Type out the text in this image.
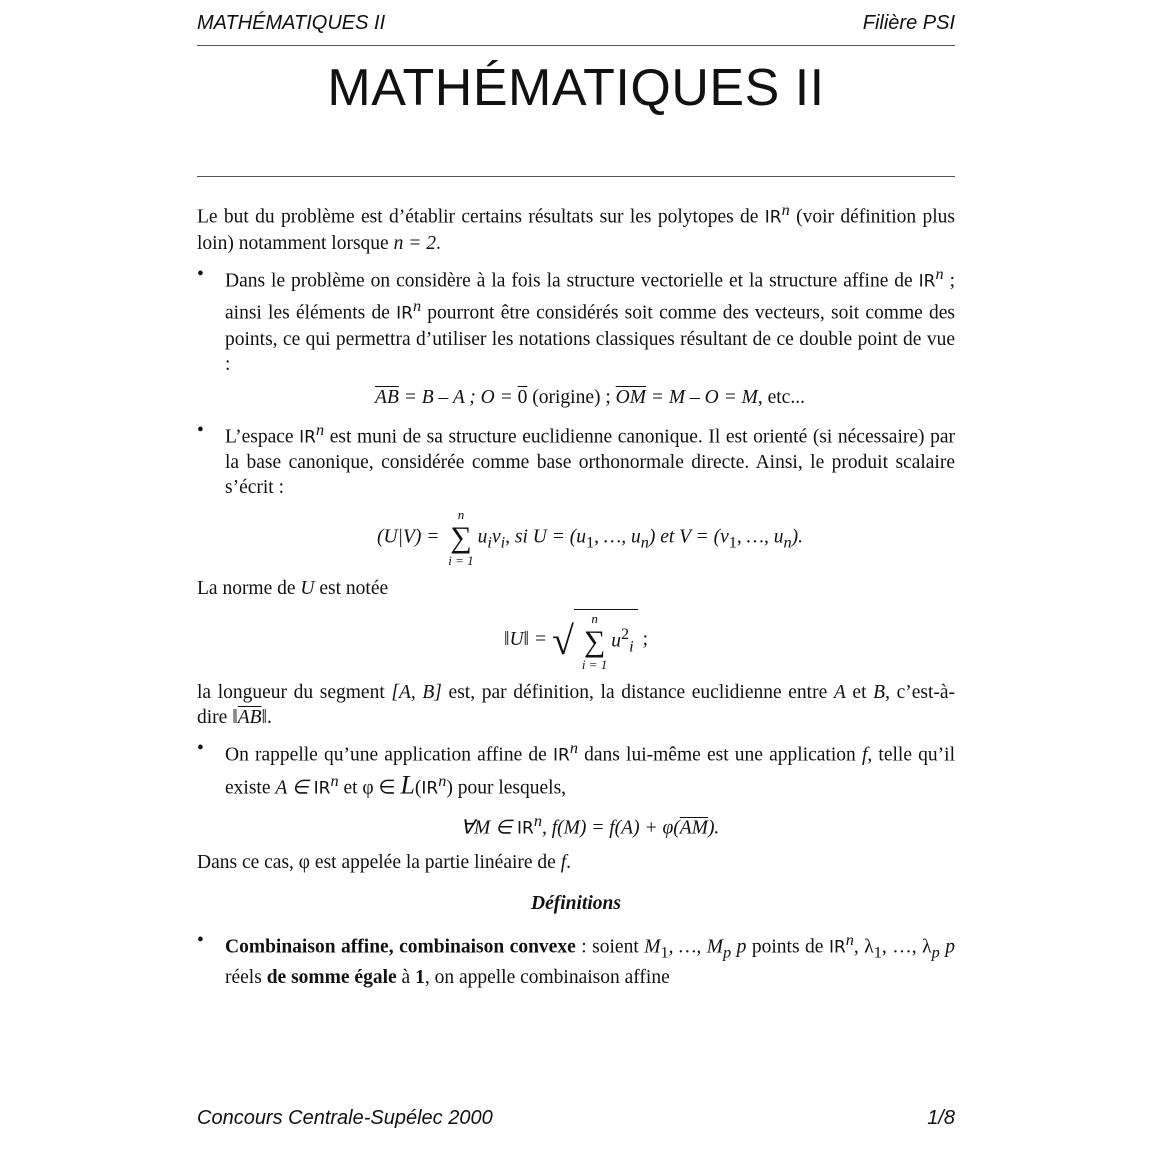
MATHÉMATIQUES II	Filière PSI
MATHÉMATIQUES II

Le but du problème est d’établir certains résultats sur les polytopes de $IR^n$ (voir définition plus loin) notamment lorsque n = 2.

• Dans le problème on considère à la fois la structure vectorielle et la structure affine de $IR^n$ ; ainsi les éléments de $IR^n$ pourront être considérés soit comme des vecteurs, soit comme des points, ce qui permettra d’utiliser les notations classiques résultant de ce double point de vue :

$\overline{AB} = B - A$ ; O = 0 (origine) ; $\overline{OM} = M - O = M$, etc...
• L’espace $IR^n$ est muni de sa structure euclidienne canonique. Il est orienté (si nécessaire) par la base canonique, considérée comme base orthonormale directe. Ainsi, le produit scalaire s’écrit :

(U|V) =
n
∑
i = 1
$u_iv_i$, si $U = (u_1$, …, $u_n$) et $V = (v_1$, …, $u_n$).

La norme de U est notée

‖U‖ = √ n
∑
i = 1
$u^2_i$ ;

la longueur du segment [A, B] est, par définition, la distance euclidienne entre A et B, c’est-à-dire $‖\overline{AB}‖$.

• On rappelle qu’une application affine de $IR^n$ dans lui-même est une application f, telle qu’il existe A ∈ $IR^n$ et φ ∈ $L(IR^n)$ pour lesquels,

∀M ∈ $IR^n$, $f(M) = f(A) + \varphi(\overline{AM})$.

Dans ce cas, φ est appelée la partie linéaire de f.

Définitions
• Combinaison affine, combinaison convexe : soient $M_1$, …, $M_p$ p points de $IR^n$, $\lambda_1$, …, $\lambda_p$ p réels de somme égale à 1, on appelle combinaison affine

Concours Centrale-Supélec 2000	1/8
